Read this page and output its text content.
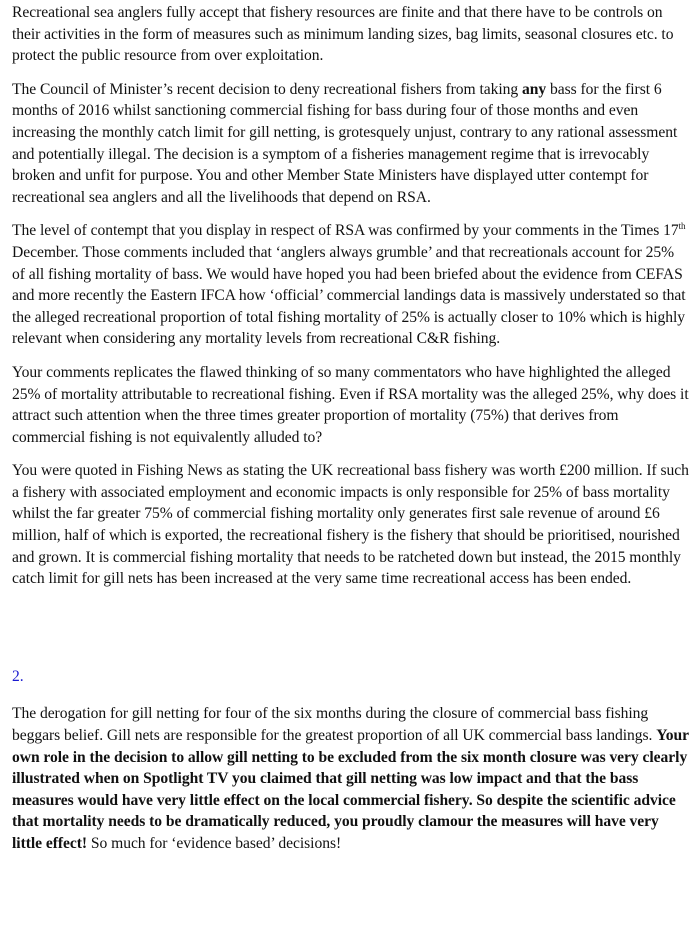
Recreational sea anglers fully accept that fishery resources are finite and that there have to be controls on their activities in the form of measures such as minimum landing sizes, bag limits, seasonal closures etc. to protect the public resource from over exploitation.

The Council of Minister’s recent decision to deny recreational fishers from taking any bass for the first 6 months of 2016 whilst sanctioning commercial fishing for bass during four of those months and even increasing the monthly catch limit for gill netting, is grotesquely unjust, contrary to any rational assessment and potentially illegal. The decision is a symptom of a fisheries management regime that is irrevocably broken and unfit for purpose. You and other Member State Ministers have displayed utter contempt for recreational sea anglers and all the livelihoods that depend on RSA.

The level of contempt that you display in respect of RSA was confirmed by your comments in the Times 17th December. Those comments included that ‘anglers always grumble’ and that recreationals account for 25% of all fishing mortality of bass. We would have hoped you had been briefed about the evidence from CEFAS and more recently the Eastern IFCA how ‘official’ commercial landings data is massively understated so that the alleged recreational proportion of total fishing mortality of 25% is actually closer to 10% which is highly relevant when considering any mortality levels from recreational C&R fishing.

Your comments replicates the flawed thinking of so many commentators who have highlighted the alleged 25% of mortality attributable to recreational fishing. Even if RSA mortality was the alleged 25%, why does it attract such attention when the three times greater proportion of mortality (75%) that derives from commercial fishing is not equivalently alluded to?

You were quoted in Fishing News as stating the UK recreational bass fishery was worth £200 million. If such a fishery with associated employment and economic impacts is only responsible for 25% of bass mortality whilst the far greater 75% of commercial fishing mortality only generates first sale revenue of around £6 million, half of which is exported, the recreational fishery is the fishery that should be prioritised, nourished and grown. It is commercial fishing mortality that needs to be ratcheted down but instead, the 2015 monthly catch limit for gill nets has been increased at the very same time recreational access has been ended.

2.

The derogation for gill netting for four of the six months during the closure of commercial bass fishing beggars belief. Gill nets are responsible for the greatest proportion of all UK commercial bass landings. Your own role in the decision to allow gill netting to be excluded from the six month closure was very clearly illustrated when on Spotlight TV you claimed that gill netting was low impact and that the bass measures would have very little effect on the local commercial fishery. So despite the scientific advice that mortality needs to be dramatically reduced, you proudly clamour the measures will have very little effect! So much for ‘evidence based’ decisions!
